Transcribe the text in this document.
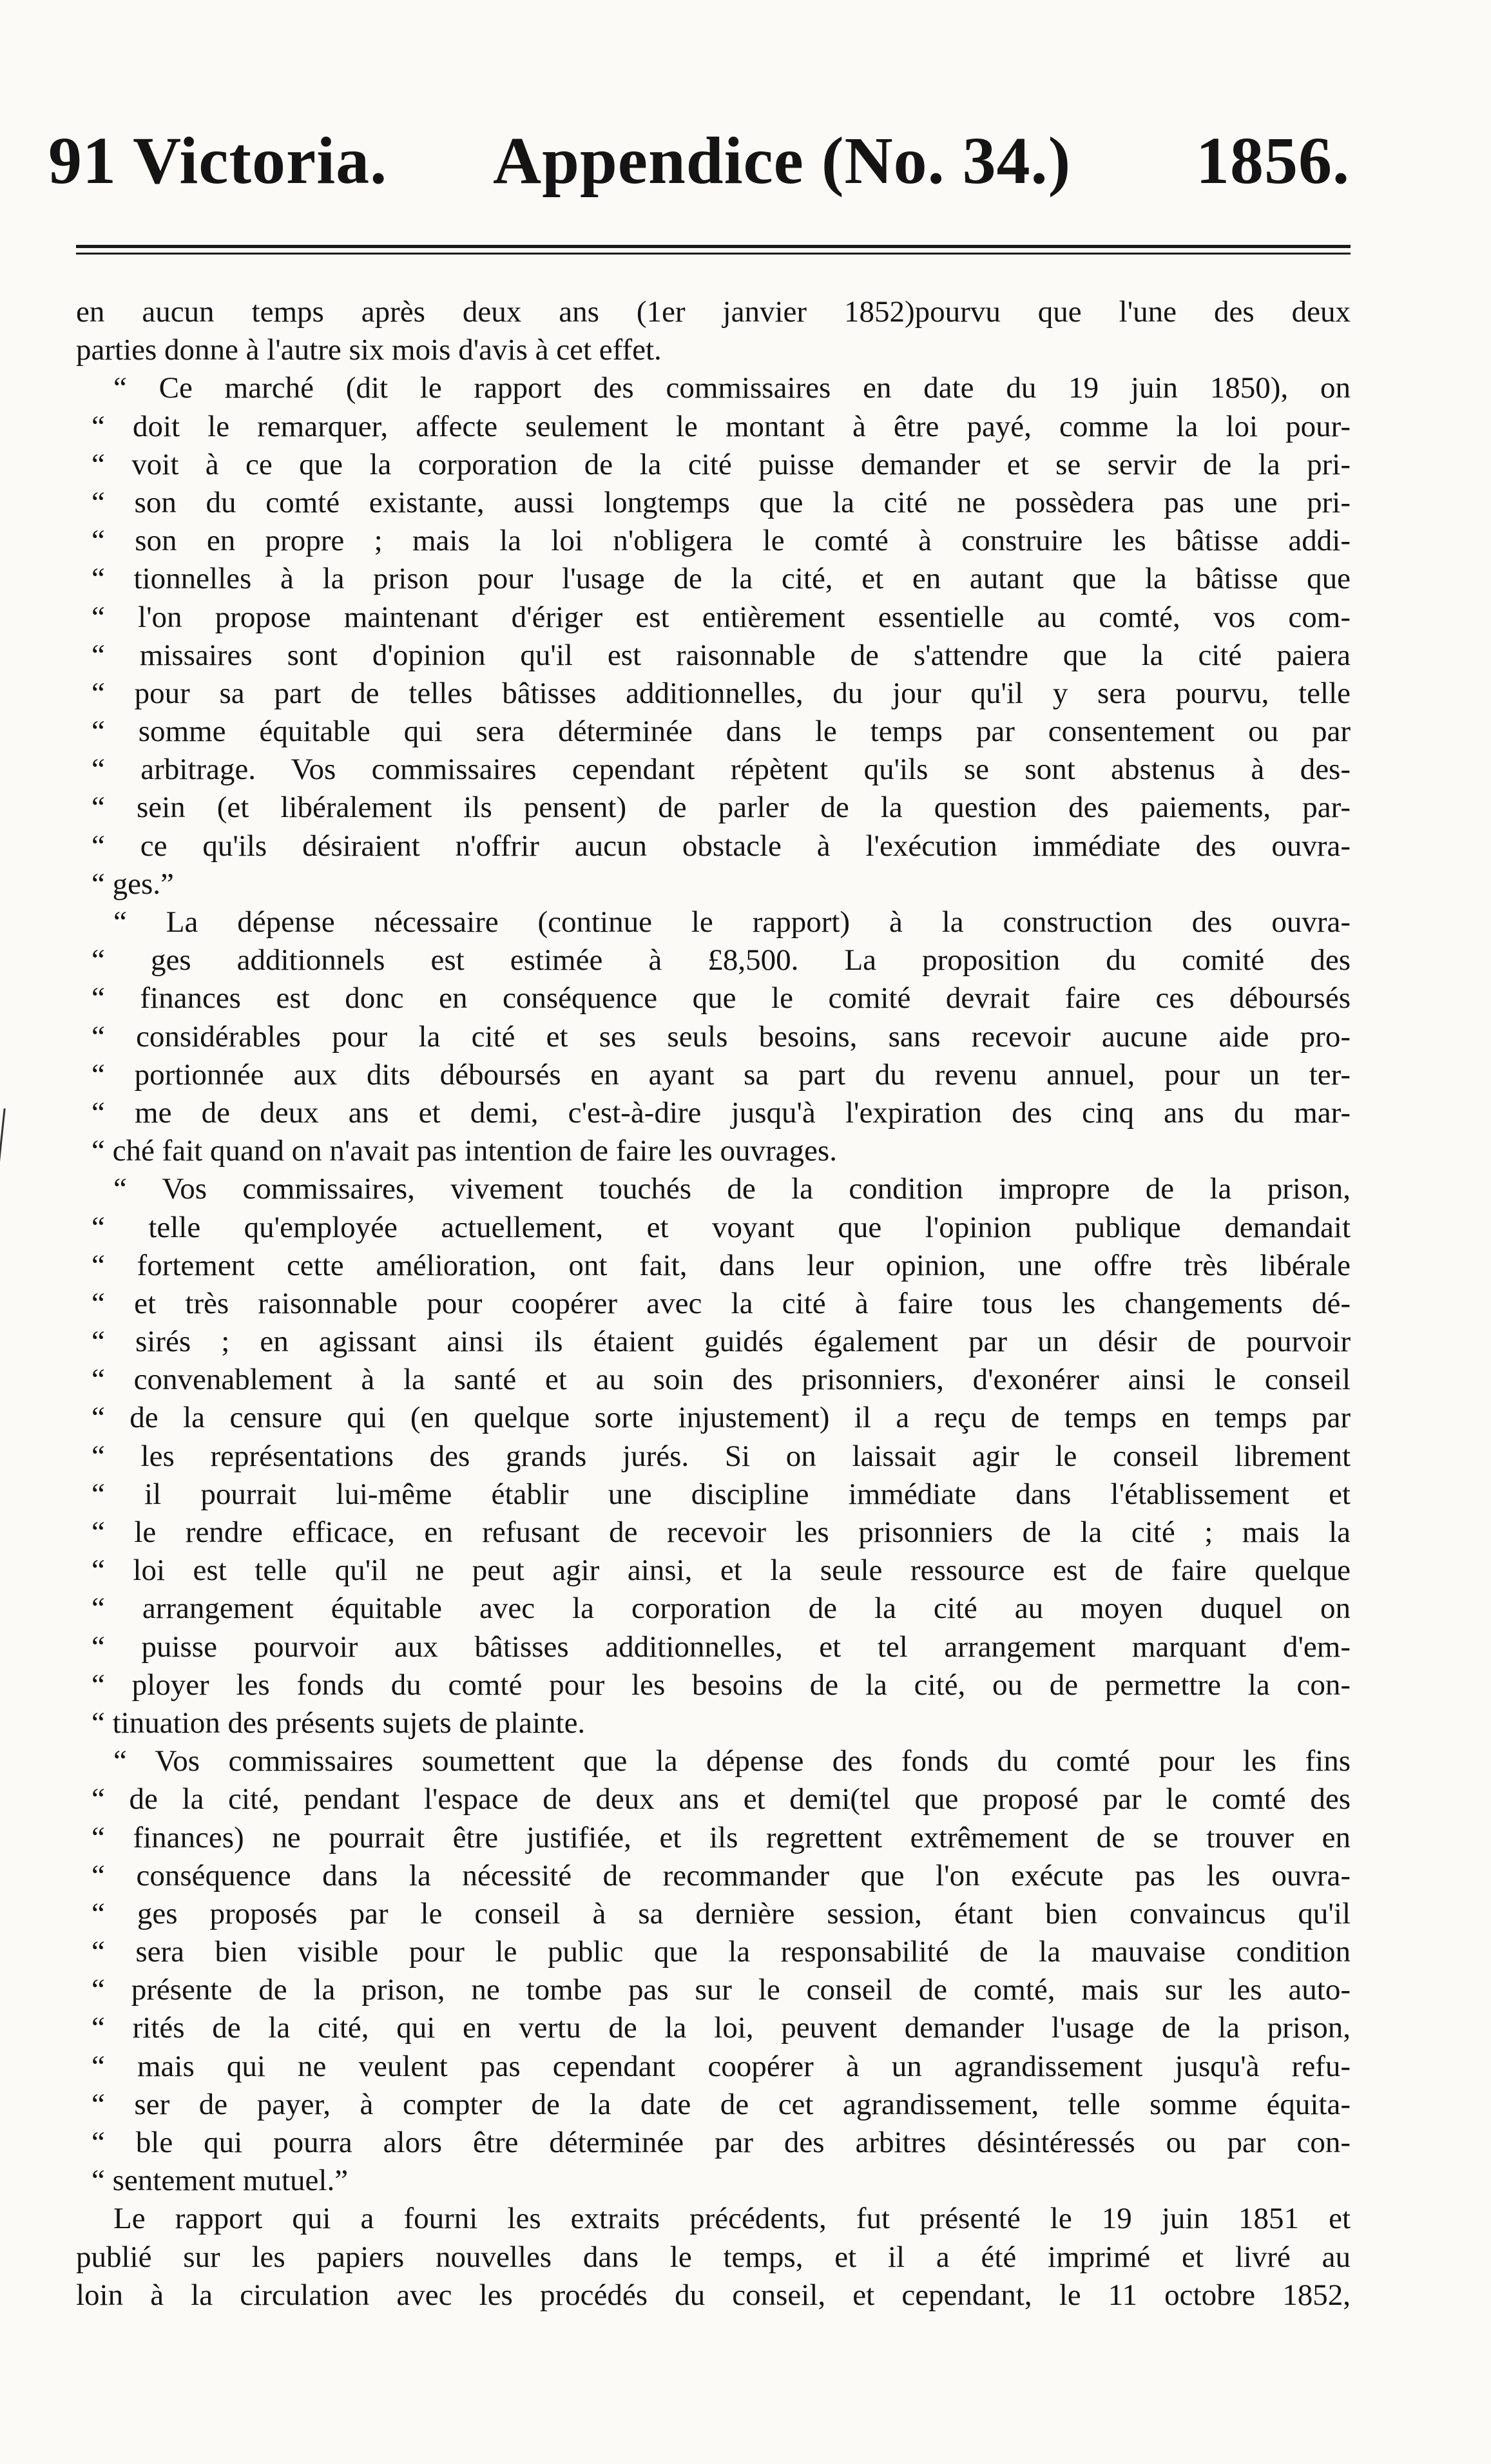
91 Victoria. Appendice (No. 34.) 1856.
en aucun temps après deux ans (1er janvier 1852)pourvu que l'une des deux
parties donne à l'autre six mois d'avis à cet effet.
“ Ce marché (dit le rapport des commissaires en date du 19 juin 1850), on
“ doit le remarquer, affecte seulement le montant à être payé, comme la loi pour-
“ voit à ce que la corporation de la cité puisse demander et se servir de la pri-
“ son du comté existante, aussi longtemps que la cité ne possèdera pas une pri-
“ son en propre ; mais la loi n'obligera le comté à construire les bâtisse addi-
“ tionnelles à la prison pour l'usage de la cité, et en autant que la bâtisse que
“ l'on propose maintenant d'ériger est entièrement essentielle au comté, vos com-
“ missaires sont d'opinion qu'il est raisonnable de s'attendre que la cité paiera
“ pour sa part de telles bâtisses additionnelles, du jour qu'il y sera pourvu, telle
“ somme équitable qui sera déterminée dans le temps par consentement ou par
“ arbitrage. Vos commissaires cependant répètent qu'ils se sont abstenus à des-
“ sein (et libéralement ils pensent) de parler de la question des paiements, par-
“ ce qu'ils désiraient n'offrir aucun obstacle à l'exécution immédiate des ouvra-
“ ges.”
“ La dépense nécessaire (continue le rapport) à la construction des ouvra-
“ ges additionnels est estimée à £8,500. La proposition du comité des
“ finances est donc en conséquence que le comité devrait faire ces déboursés
“ considérables pour la cité et ses seuls besoins, sans recevoir aucune aide pro-
“ portionnée aux dits déboursés en ayant sa part du revenu annuel, pour un ter-
“ me de deux ans et demi, c'est-à-dire jusqu'à l'expiration des cinq ans du mar-
“ ché fait quand on n'avait pas intention de faire les ouvrages.
“ Vos commissaires, vivement touchés de la condition impropre de la prison,
“ telle qu'employée actuellement, et voyant que l'opinion publique demandait
“ fortement cette amélioration, ont fait, dans leur opinion, une offre très libérale
“ et très raisonnable pour coopérer avec la cité à faire tous les changements dé-
“ sirés ; en agissant ainsi ils étaient guidés également par un désir de pourvoir
“ convenablement à la santé et au soin des prisonniers, d'exonérer ainsi le conseil
“ de la censure qui (en quelque sorte injustement) il a reçu de temps en temps par
“ les représentations des grands jurés. Si on laissait agir le conseil librement
“ il pourrait lui-même établir une discipline immédiate dans l'établissement et
“ le rendre efficace, en refusant de recevoir les prisonniers de la cité ; mais la
“ loi est telle qu'il ne peut agir ainsi, et la seule ressource est de faire quelque
“ arrangement équitable avec la corporation de la cité au moyen duquel on
“ puisse pourvoir aux bâtisses additionnelles, et tel arrangement marquant d'em-
“ ployer les fonds du comté pour les besoins de la cité, ou de permettre la con-
“ tinuation des présents sujets de plainte.
“ Vos commissaires soumettent que la dépense des fonds du comté pour les fins
“ de la cité, pendant l'espace de deux ans et demi(tel que proposé par le comté des
“ finances) ne pourrait être justifiée, et ils regrettent extrêmement de se trouver en
“ conséquence dans la nécessité de recommander que l'on exécute pas les ouvra-
“ ges proposés par le conseil à sa dernière session, étant bien convaincus qu'il
“ sera bien visible pour le public que la responsabilité de la mauvaise condition
“ présente de la prison, ne tombe pas sur le conseil de comté, mais sur les auto-
“ rités de la cité, qui en vertu de la loi, peuvent demander l'usage de la prison,
“ mais qui ne veulent pas cependant coopérer à un agrandissement jusqu'à refu-
“ ser de payer, à compter de la date de cet agrandissement, telle somme équita-
“ ble qui pourra alors être déterminée par des arbitres désintéressés ou par con-
“ sentement mutuel.”
Le rapport qui a fourni les extraits précédents, fut présenté le 19 juin 1851 et
publié sur les papiers nouvelles dans le temps, et il a été imprimé et livré au
loin à la circulation avec les procédés du conseil, et cependant, le 11 octobre 1852,
